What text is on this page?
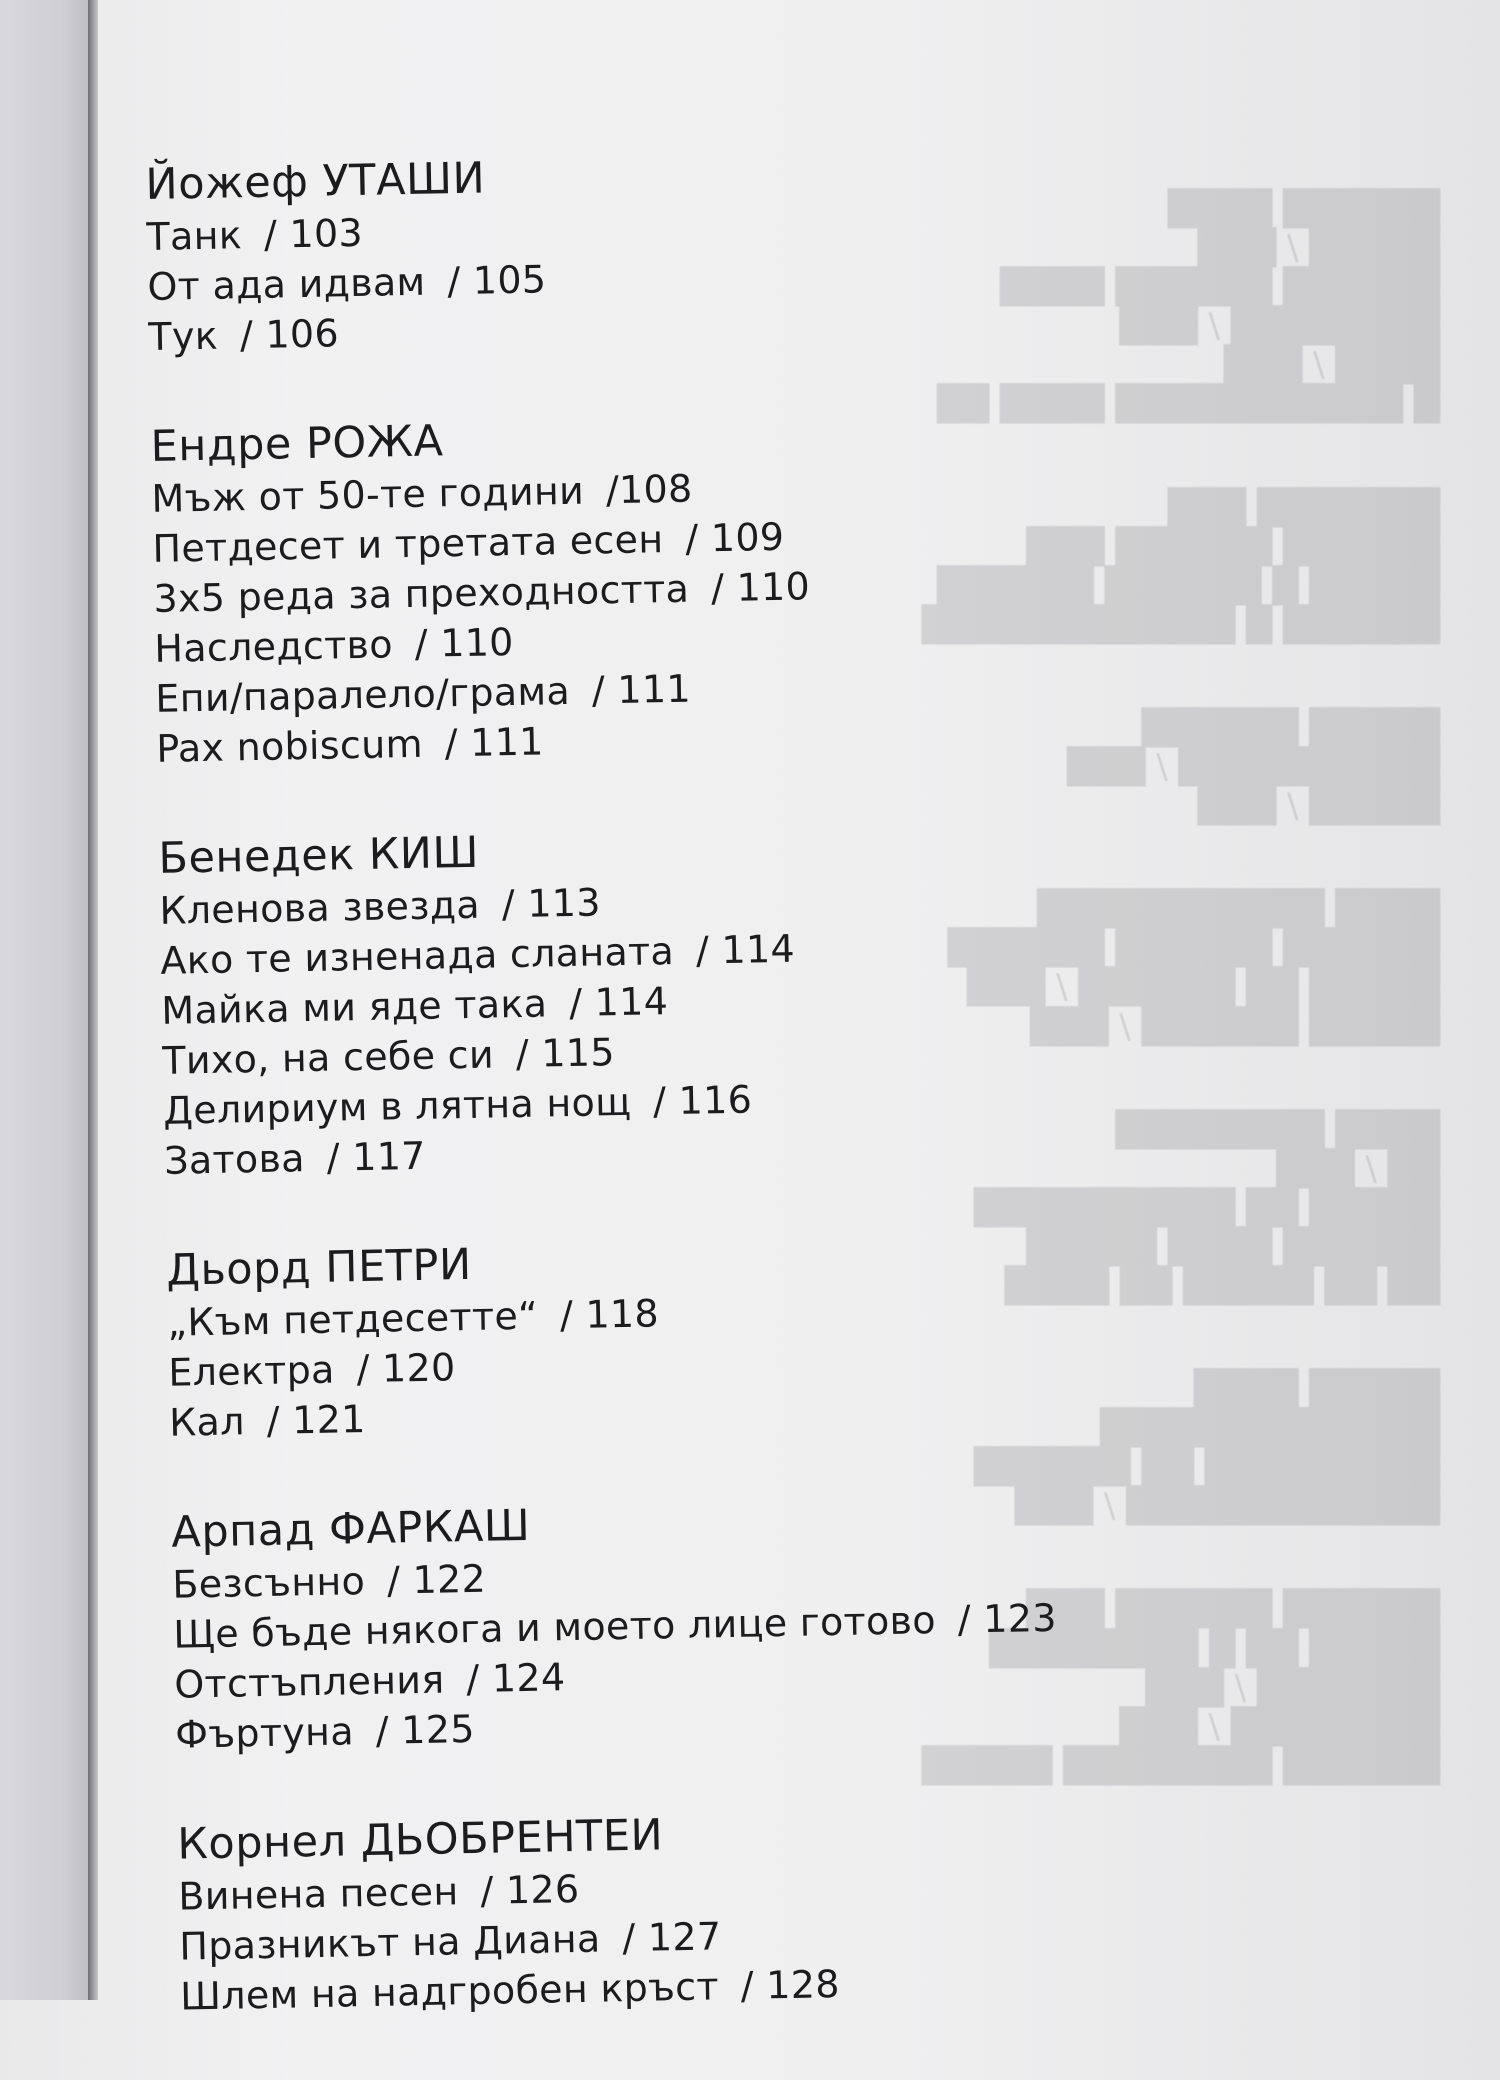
██████ ████
█████ / ███
██████ ██████ ████
████████ / ███
████ / ███
█ ███████████ ████ ██
███████ ███
██████ ██████ ███
█████ █ ██████ ██████
██████ █ ████████████
█████ ██████
██████████ / ███
█████ / ███
████ ███████████
██████ ██████ ██████
█████ ██ ██████ / ███
█████ ██████ / ███
████ ████████
██ / ███
█████ ██ ██████████
██████ ████ █████
██ ██ █████ ██ ████
█████ ████
█████████████
█████████ ██ ██████
████████████ / ███
██████ ██████ ███
█████ ██ █ ████████
███████ / ███
████████ / ███
██████ ████████ █████
Йожеф УТАШИ
Танк / 103
От ада идвам / 105
Тук / 106
Ендре РОЖА
Мъж от 50-те години /108
Петдесет и третата есен / 109
3х5 реда за преходността / 110
Наследство / 110
Епи/паралело/грама / 111
Pax nobiscum / 111
Бенедек КИШ
Кленова звезда / 113
Ако те изненада сланата / 114
Майка ми яде така / 114
Тихо, на себе си / 115
Делириум в лятна нощ / 116
Затова / 117
Дьорд ПЕТРИ
„Към петдесетте“ / 118
Електра / 120
Кал / 121
Арпад ФАРКАШ
Безсънно / 122
Ще бъде някога и моето лице готово / 123
Отстъпления / 124
Фъртуна / 125
Корнел ДЬОБРЕНТЕИ
Винена песен / 126
Празникът на Диана / 127
Шлем на надгробен кръст / 128
